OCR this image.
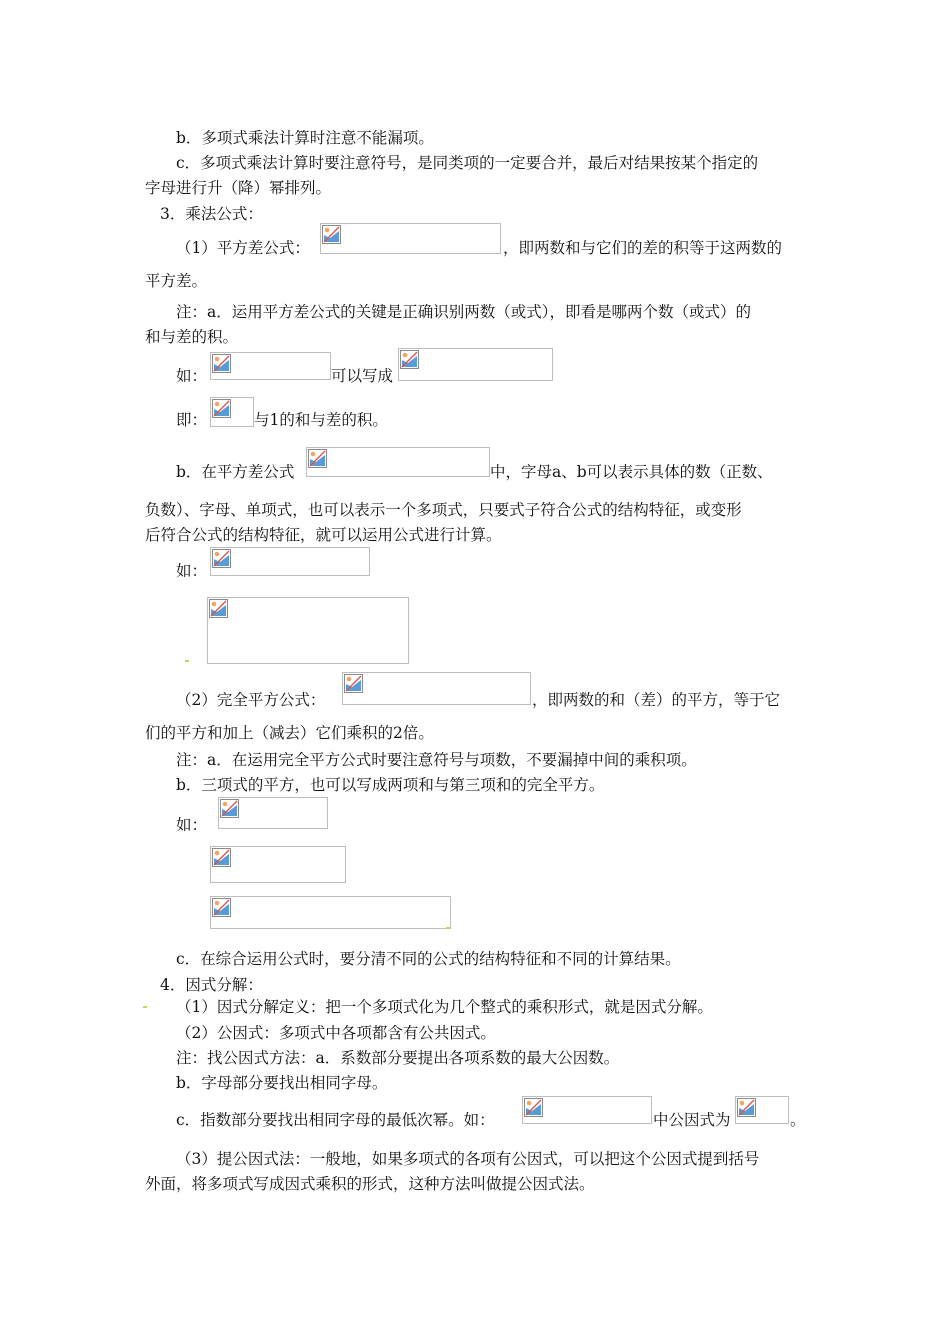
b．多项式乘法计算时注意不能漏项。
c．多项式乘法计算时要注意符号，是同类项的一定要合并，最后对结果按某个指定的
字母进行升（降）幂排列。
3．乘法公式：
（1）平方差公式：	，即两数和与它们的差的积等于这两数的
平方差。
注：a．运用平方差公式的关键是正确识别两数（或式），即看是哪两个数（或式）的
和与差的积。
如：	可以写成
即：	与1的和与差的积。
b．在平方差公式	中，字母a、b可以表示具体的数（正数、
负数）、字母、单项式，也可以表示一个多项式，只要式子符合公式的结构特征，或变形
后符合公式的结构特征，就可以运用公式进行计算。
如：
（2）完全平方公式：	，即两数的和（差）的平方，等于它
们的平方和加上（减去）它们乘积的2倍。
注：a．在运用完全平方公式时要注意符号与项数，不要漏掉中间的乘积项。
b．三项式的平方，也可以写成两项和与第三项和的完全平方。
如：
c．在综合运用公式时，要分清不同的公式的结构特征和不同的计算结果。
4．因式分解：
（1）因式分解定义：把一个多项式化为几个整式的乘积形式，就是因式分解。
（2）公因式：多项式中各项都含有公共因式。
注：找公因式方法：a．系数部分要提出各项系数的最大公因数。
b．字母部分要找出相同字母。
c．指数部分要找出相同字母的最低次幂。如：	中公因式为	。
（3）提公因式法：一般地，如果多项式的各项有公因式，可以把这个公因式提到括号
外面，将多项式写成因式乘积的形式，这种方法叫做提公因式法。
